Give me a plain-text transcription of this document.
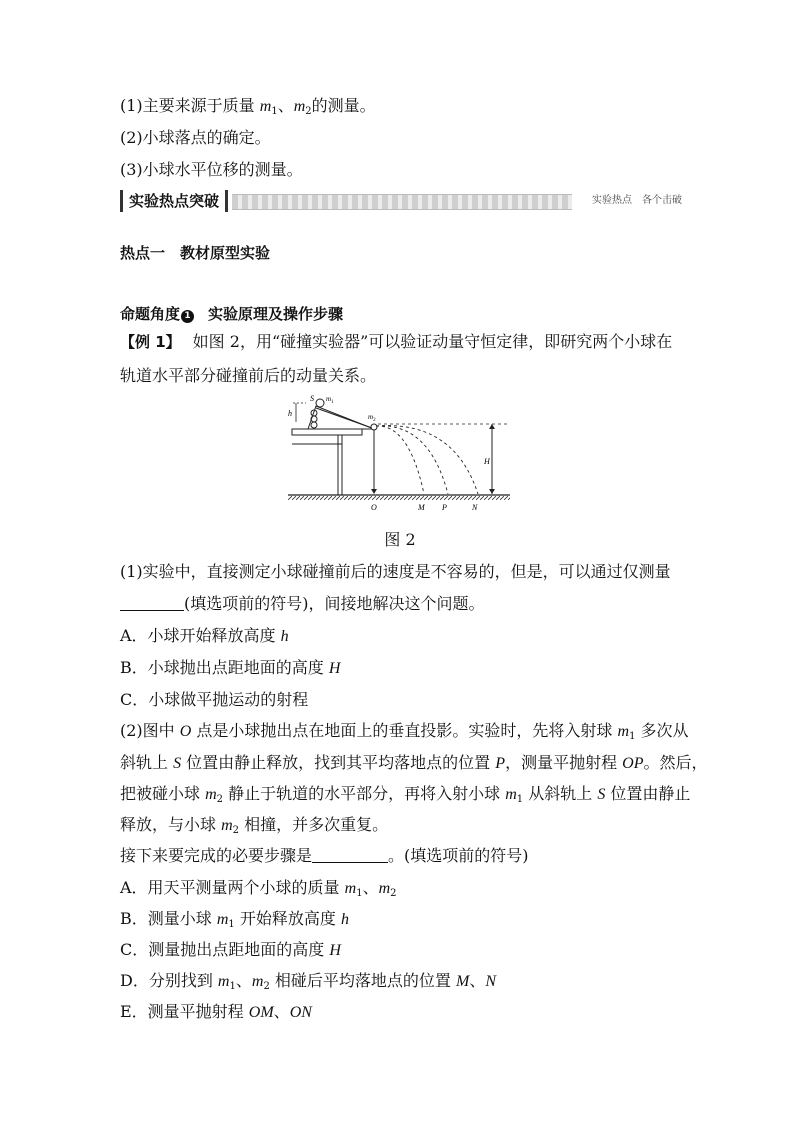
(1)主要来源于质量 $m_1$、$m_2$的测量。
(2)小球落点的确定。
(3)小球水平位移的测量。
实验热点突破	实验热点　各个击破
热点一　教材原型实验
命题角度 1 实验原理及操作步骤
【例 1】 如图 2，用“碰撞实验器”可以验证动量守恒定律，即研究两个小球在
轨道水平部分碰撞前后的动量关系。
S $m_1$
$m_2$
h
H
O	M P	N
图 2
(1)实验中，直接测定小球碰撞前后的速度是不容易的，但是，可以通过仅测量
(填选项前的符号)，间接地解决这个问题。
A．小球开始释放高度 h
B．小球抛出点距地面的高度 H
C．小球做平抛运动的射程
(2)图中 O 点是小球抛出点在地面上的垂直投影。实验时，先将入射球 $m_1$ 多次从
斜轨上 S 位置由静止释放，找到其平均落地点的位置 P，测量平抛射程 OP。然后，
把被碰小球 $m_2$ 静止于轨道的水平部分，再将入射小球 $m_1$ 从斜轨上 S 位置由静止
释放，与小球 $m_2$ 相撞，并多次重复。
接下来要完成的必要步骤是	。(填选项前的符号)
A．用天平测量两个小球的质量 $m_1$、$m_2$
B．测量小球 $m_1$ 开始释放高度 h
C．测量抛出点距地面的高度 H
D．分别找到 $m_1$、$m_2$ 相碰后平均落地点的位置 M、N
E．测量平抛射程 OM、ON
